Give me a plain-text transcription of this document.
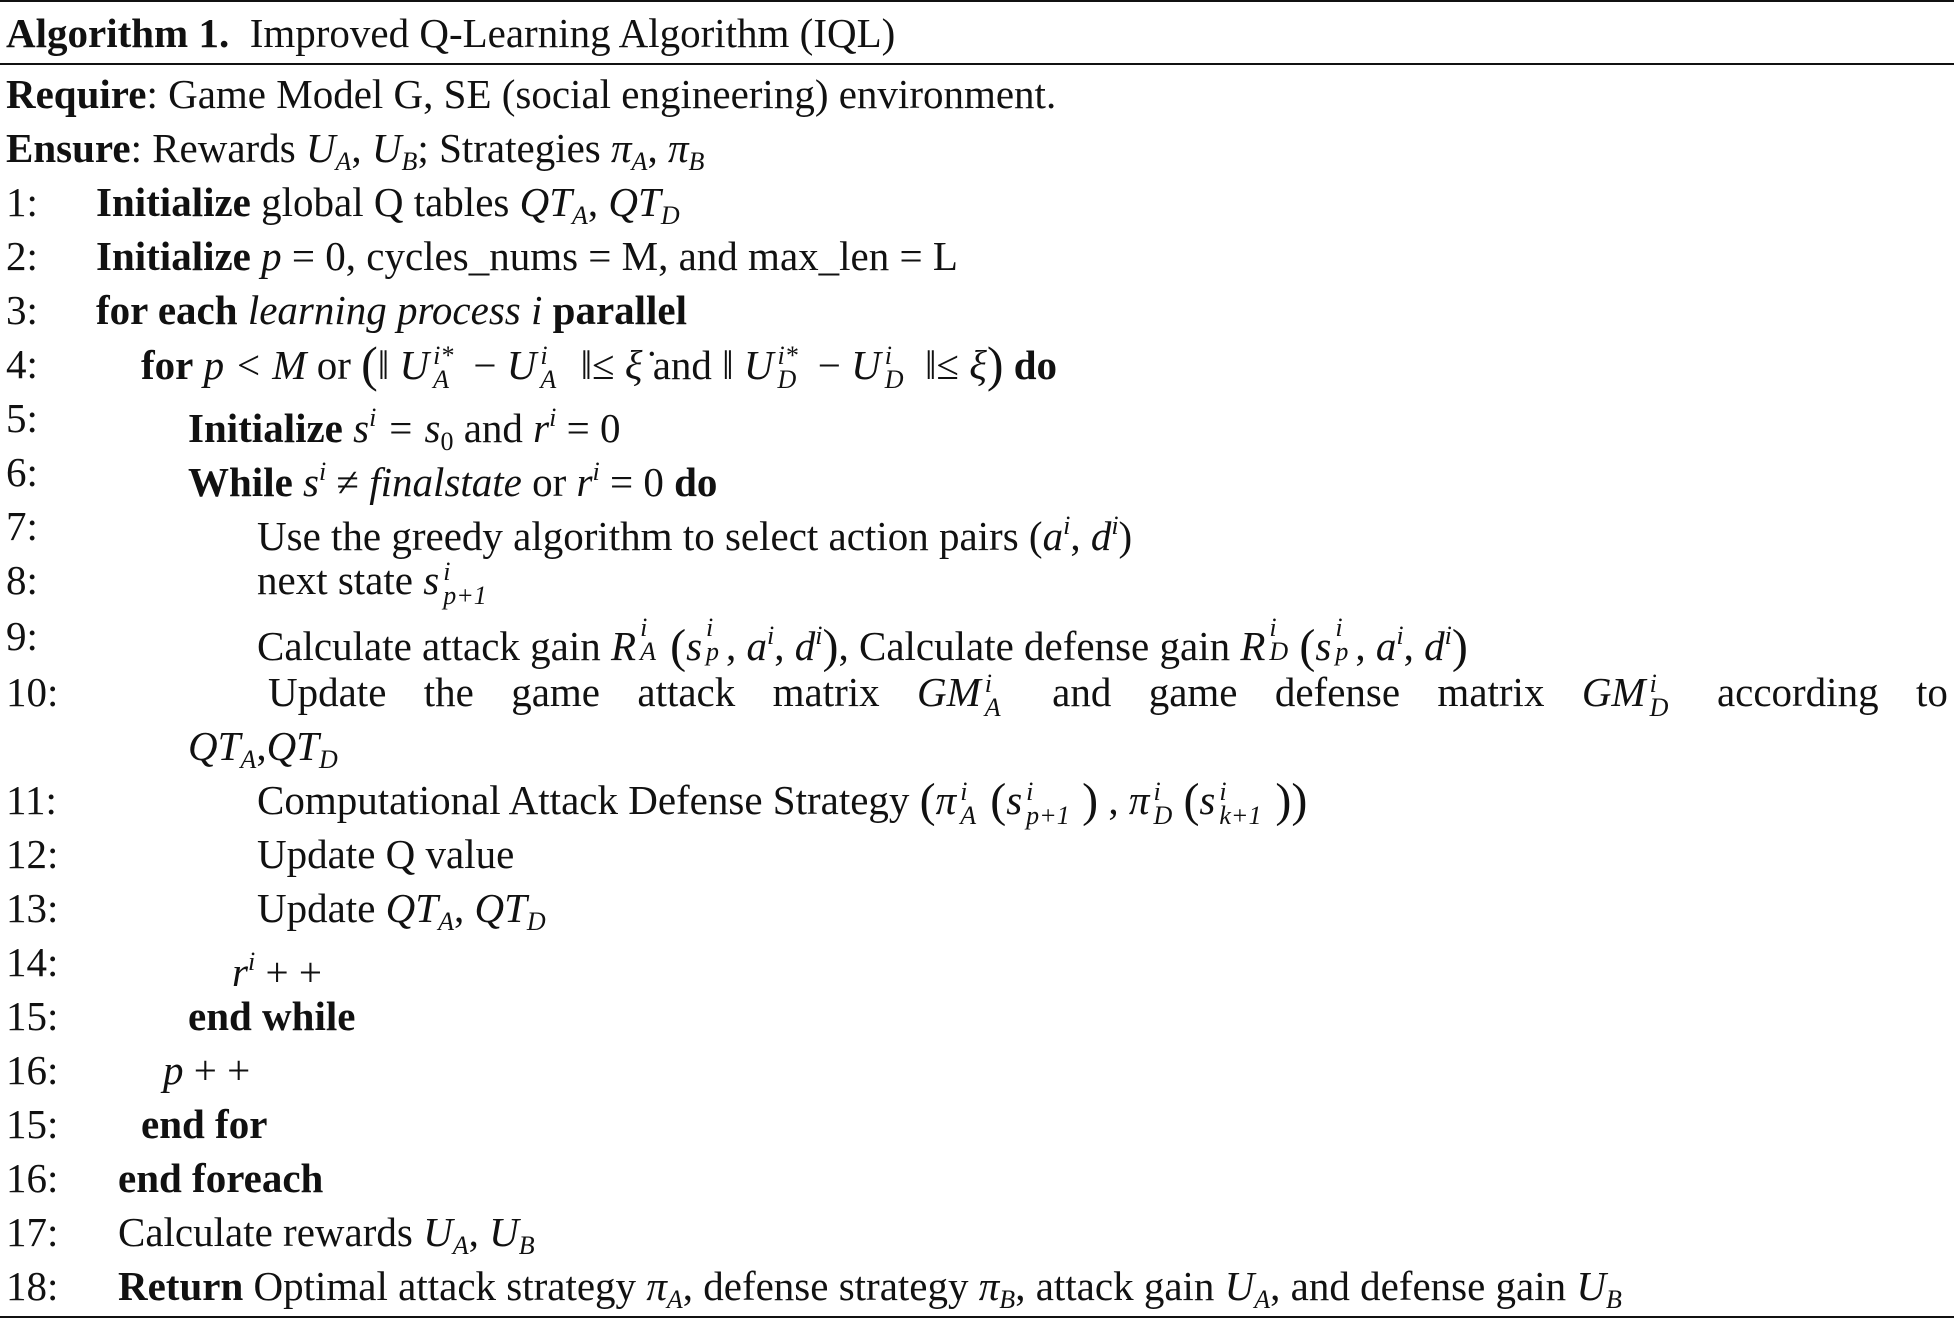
Algorithm 1. Improved Q-Learning Algorithm (IQL)
Require: Game Model G, SE (social engineering) environment.
Ensure: Rewards $U_A$, $U_B$; Strategies $\pi_A$, $\pi_B$
1: Initialize global Q tables $QT_A$, $QT_D$
2: Initialize p = 0, cycles_nums = M, and max_len = L
3: for each learning process i parallel
4:	for p < M or (‖ U i*
A − U i
A ‖≤ ξ̇ and ‖ U i*
D − U i
D ‖≤ ξ) do
5:	Initialize $s^i = s_0$ and $r^i = 0$
6:	While $s^i$ ≠ finalstate or $r^i = 0$ do
7:	Use the greedy algorithm to select action pairs ($a^i$, $d^i$)
8:	next state s i
p+1
9:	Calculate attack gain R i
A (s i
p , $a^i$, $d^i$), Calculate defense gain R i
D (s i
p , $a^i$, $d^i$)
10:	Update the game attack matrix GM i
A and game defense matrix GM i
D according to
$QT_A,QT_D$
11:	Computational Attack Defense Strategy (π i
A (s i
p+1 ) , π i
D (s i
k+1 ))
12:	Update Q value
13:	Update $QT_A$, $QT_D$
14:	$r^i$ + +
15:	end while
16:	p + +
15: end for
16: end foreach
17: Calculate rewards $U_A$, $U_B$
18: Return Optimal attack strategy $\pi_A$, defense strategy $\pi_B$, attack gain $U_A$, and defense gain $U_B$
